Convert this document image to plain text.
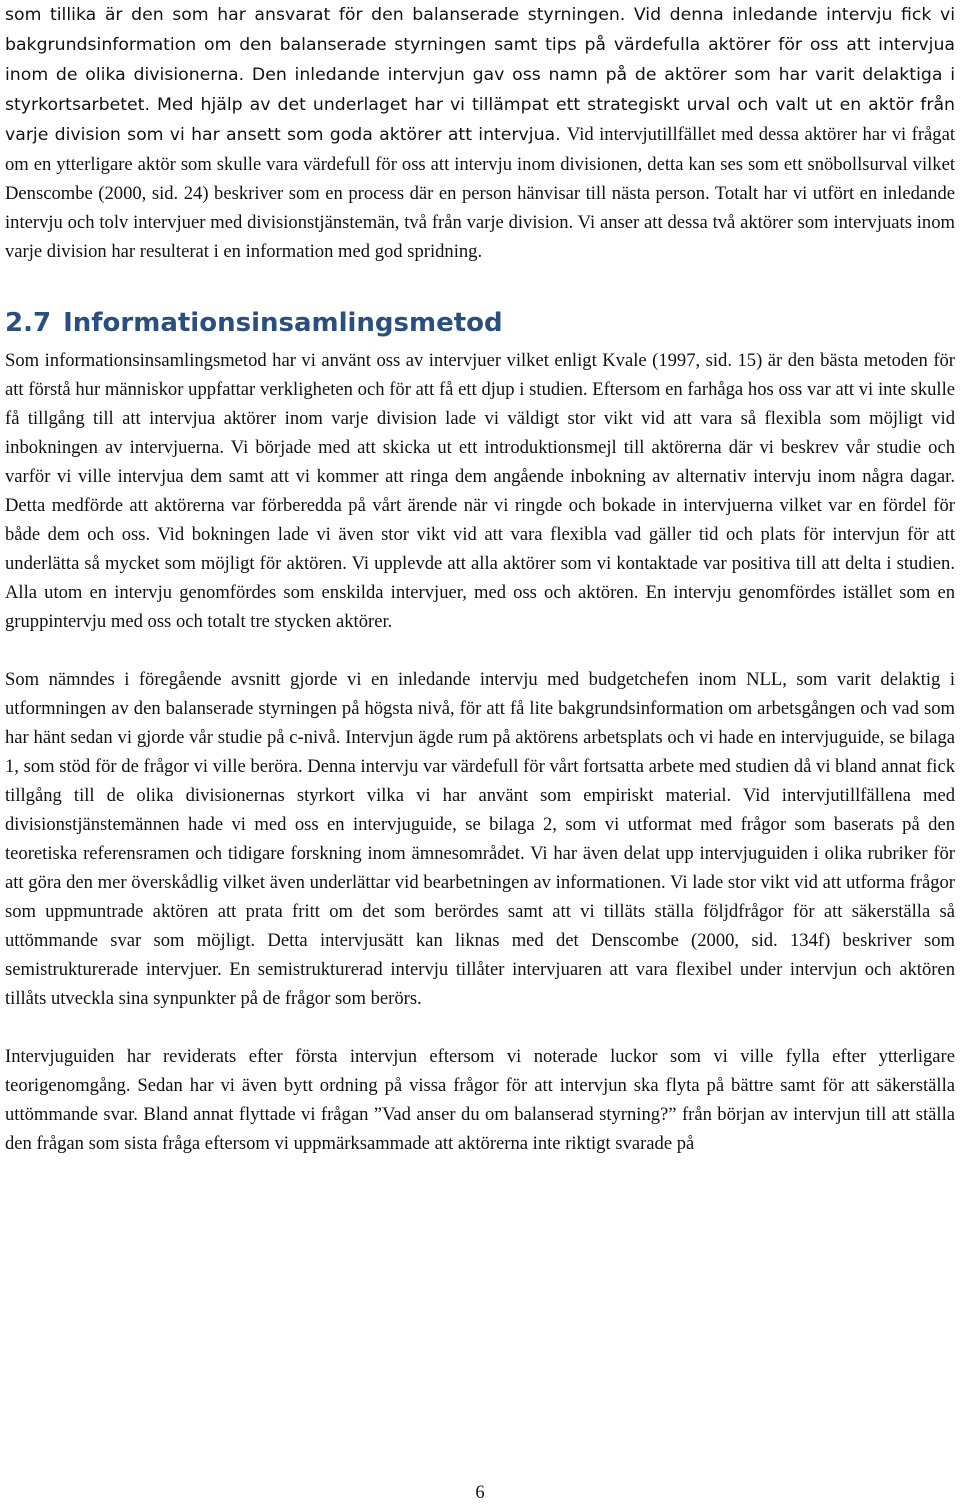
som tillika är den som har ansvarat för den balanserade styrningen. Vid denna inledande intervju fick vi bakgrundsinformation om den balanserade styrningen samt tips på värdefulla aktörer för oss att intervjua inom de olika divisionerna. Den inledande intervjun gav oss namn på de aktörer som har varit delaktiga i styrkortsarbetet. Med hjälp av det underlaget har vi tillämpat ett strategiskt urval och valt ut en aktör från varje division som vi har ansett som goda aktörer att intervjua. Vid intervjutillfället med dessa aktörer har vi frågat om en ytterligare aktör som skulle vara värdefull för oss att intervju inom divisionen, detta kan ses som ett snöbollsurval vilket Denscombe (2000, sid. 24) beskriver som en process där en person hänvisar till nästa person. Totalt har vi utfört en inledande intervju och tolv intervjuer med divisionstjänstemän, två från varje division. Vi anser att dessa två aktörer som intervjuats inom varje division har resulterat i en information med god spridning.

2.7 Informationsinsamlingsmetod

Som informationsinsamlingsmetod har vi använt oss av intervjuer vilket enligt Kvale (1997, sid. 15) är den bästa metoden för att förstå hur människor uppfattar verkligheten och för att få ett djup i studien. Eftersom en farhåga hos oss var att vi inte skulle få tillgång till att intervjua aktörer inom varje division lade vi väldigt stor vikt vid att vara så flexibla som möjligt vid inbokningen av intervjuerna. Vi började med att skicka ut ett introduktionsmejl till aktörerna där vi beskrev vår studie och varför vi ville intervjua dem samt att vi kommer att ringa dem angående inbokning av alternativ intervju inom några dagar. Detta medförde att aktörerna var förberedda på vårt ärende när vi ringde och bokade in intervjuerna vilket var en fördel för både dem och oss. Vid bokningen lade vi även stor vikt vid att vara flexibla vad gäller tid och plats för intervjun för att underlätta så mycket som möjligt för aktören. Vi upplevde att alla aktörer som vi kontaktade var positiva till att delta i studien. Alla utom en intervju genomfördes som enskilda intervjuer, med oss och aktören. En intervju genomfördes istället som en gruppintervju med oss och totalt tre stycken aktörer.

Som nämndes i föregående avsnitt gjorde vi en inledande intervju med budgetchefen inom NLL, som varit delaktig i utformningen av den balanserade styrningen på högsta nivå, för att få lite bakgrundsinformation om arbetsgången och vad som har hänt sedan vi gjorde vår studie på c-nivå. Intervjun ägde rum på aktörens arbetsplats och vi hade en intervjuguide, se bilaga 1, som stöd för de frågor vi ville beröra. Denna intervju var värdefull för vårt fortsatta arbete med studien då vi bland annat fick tillgång till de olika divisionernas styrkort vilka vi har använt som empiriskt material. Vid intervjutillfällena med divisionstjänstemännen hade vi med oss en intervjuguide, se bilaga 2, som vi utformat med frågor som baserats på den teoretiska referensramen och tidigare forskning inom ämnesområdet. Vi har även delat upp intervjuguiden i olika rubriker för att göra den mer överskådlig vilket även underlättar vid bearbetningen av informationen. Vi lade stor vikt vid att utforma frågor som uppmuntrade aktören att prata fritt om det som berördes samt att vi tilläts ställa följdfrågor för att säkerställa så uttömmande svar som möjligt. Detta intervjusätt kan liknas med det Denscombe (2000, sid. 134f) beskriver som semistrukturerade intervjuer. En semistrukturerad intervju tillåter intervjuaren att vara flexibel under intervjun och aktören tillåts utveckla sina synpunkter på de frågor som berörs.

Intervjuguiden har reviderats efter första intervjun eftersom vi noterade luckor som vi ville fylla efter ytterligare teorigenomgång. Sedan har vi även bytt ordning på vissa frågor för att intervjun ska flyta på bättre samt för att säkerställa uttömmande svar. Bland annat flyttade vi frågan ”Vad anser du om balanserad styrning?” från början av intervjun till att ställa den frågan som sista fråga eftersom vi uppmärksammade att aktörerna inte riktigt svarade på

6
